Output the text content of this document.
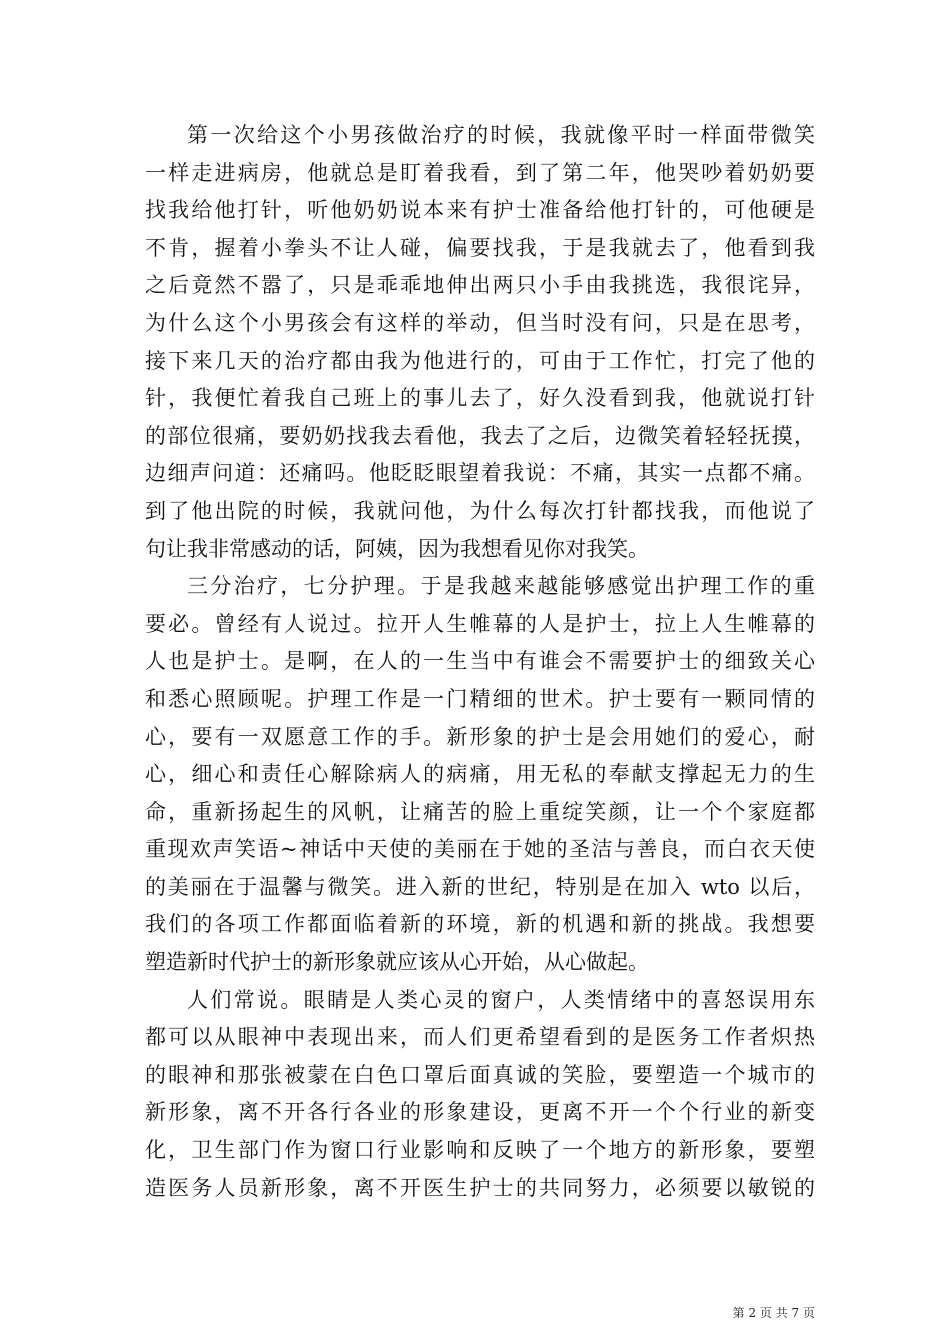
第一次给这个小男孩做治疗的时候，我就像平时一样面带微笑
一样走进病房，他就总是盯着我看，到了第二年，他哭吵着奶奶要
找我给他打针，听他奶奶说本来有护士准备给他打针的，可他硬是
不肯，握着小拳头不让人碰，偏要找我，于是我就去了，他看到我
之后竟然不嚣了，只是乖乖地伸出两只小手由我挑选，我很诧异，
为什么这个小男孩会有这样的举动，但当时没有问，只是在思考，
接下来几天的治疗都由我为他进行的，可由于工作忙，打完了他的
针，我便忙着我自己班上的事儿去了，好久没看到我，他就说打针
的部位很痛，要奶奶找我去看他，我去了之后，边微笑着轻轻抚摸，
边细声问道：还痛吗。他眨眨眼望着我说：不痛，其实一点都不痛。
到了他出院的时候，我就问他，为什么每次打针都找我，而他说了
句让我非常感动的话，阿姨，因为我想看见你对我笑。
三分治疗，七分护理。于是我越来越能够感觉出护理工作的重
要必。曾经有人说过。拉开人生帷幕的人是护士，拉上人生帷幕的
人也是护士。是啊，在人的一生当中有谁会不需要护士的细致关心
和悉心照顾呢。护理工作是一门精细的世术。护士要有一颗同情的
心，要有一双愿意工作的手。新形象的护士是会用她们的爱心，耐
心，细心和责任心解除病人的病痛，用无私的奉献支撑起无力的生
命，重新扬起生的风帆，让痛苦的脸上重绽笑颜，让一个个家庭都
重现欢声笑语~神话中天使的美丽在于她的圣洁与善良，而白衣天使
的美丽在于温馨与微笑。进入新的世纪，特别是在加入 wto 以后，
我们的各项工作都面临着新的环境，新的机遇和新的挑战。我想要
塑造新时代护士的新形象就应该从心开始，从心做起。
人们常说。眼睛是人类心灵的窗户，人类情绪中的喜怒误用东
都可以从眼神中表现出来，而人们更希望看到的是医务工作者炽热
的眼神和那张被蒙在白色口罩后面真诚的笑脸，要塑造一个城市的
新形象，离不开各行各业的形象建设，更离不开一个个行业的新变
化，卫生部门作为窗口行业影响和反映了一个地方的新形象，要塑
造医务人员新形象，离不开医生护士的共同努力，必须要以敏锐的
第 2 页 共 7 页
